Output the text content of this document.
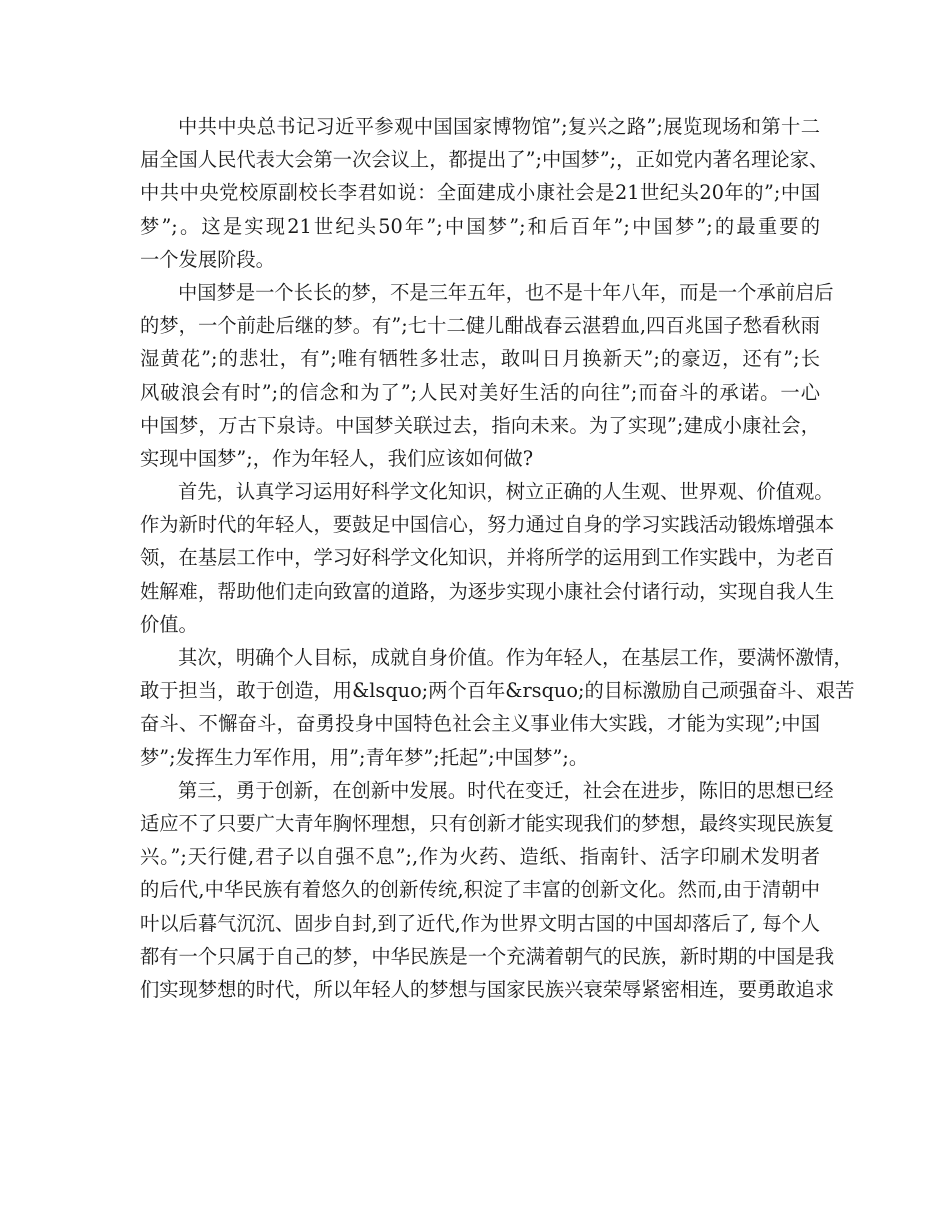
中共中央总书记习近平参观中国国家博物馆”;复兴之路”;展览现场和第十二
届全国人民代表大会第一次会议上，都提出了”;中国梦”;，正如党内著名理论家、
中共中央党校原副校长李君如说：全面建成小康社会是21世纪头20年的”;中国
梦”;。这是实现21世纪头50年”;中国梦”;和后百年”;中国梦”;的最重要的
一个发展阶段。
中国梦是一个长长的梦，不是三年五年，也不是十年八年，而是一个承前启后
的梦，一个前赴后继的梦。有”;七十二健儿酣战春云湛碧血,四百兆国子愁看秋雨
湿黄花”;的悲壮，有”;唯有牺牲多壮志，敢叫日月换新天”;的豪迈，还有”;长
风破浪会有时”;的信念和为了”;人民对美好生活的向往”;而奋斗的承诺。一心
中国梦，万古下泉诗。中国梦关联过去，指向未来。为了实现”;建成小康社会，
实现中国梦”;，作为年轻人，我们应该如何做?
首先，认真学习运用好科学文化知识，树立正确的人生观、世界观、价值观。
作为新时代的年轻人，要鼓足中国信心，努力通过自身的学习实践活动锻炼增强本
领，在基层工作中，学习好科学文化知识，并将所学的运用到工作实践中，为老百
姓解难，帮助他们走向致富的道路，为逐步实现小康社会付诸行动，实现自我人生
价值。
其次，明确个人目标，成就自身价值。作为年轻人，在基层工作，要满怀激情，
敢于担当，敢于创造，用&lsquo;两个百年&rsquo;的目标激励自己顽强奋斗、艰苦
奋斗、不懈奋斗，奋勇投身中国特色社会主义事业伟大实践，才能为实现”;中国
梦”;发挥生力军作用，用”;青年梦”;托起”;中国梦”;。
第三，勇于创新，在创新中发展。时代在变迁，社会在进步，陈旧的思想已经
适应不了只要广大青年胸怀理想，只有创新才能实现我们的梦想，最终实现民族复
兴。”;天行健,君子以自强不息”;,作为火药、造纸、指南针、活字印刷术发明者
的后代,中华民族有着悠久的创新传统,积淀了丰富的创新文化。然而,由于清朝中
叶以后暮气沉沉、固步自封,到了近代,作为世界文明古国的中国却落后了, 每个人
都有一个只属于自己的梦，中华民族是一个充满着朝气的民族，新时期的中国是我
们实现梦想的时代，所以年轻人的梦想与国家民族兴衰荣辱紧密相连，要勇敢追求
